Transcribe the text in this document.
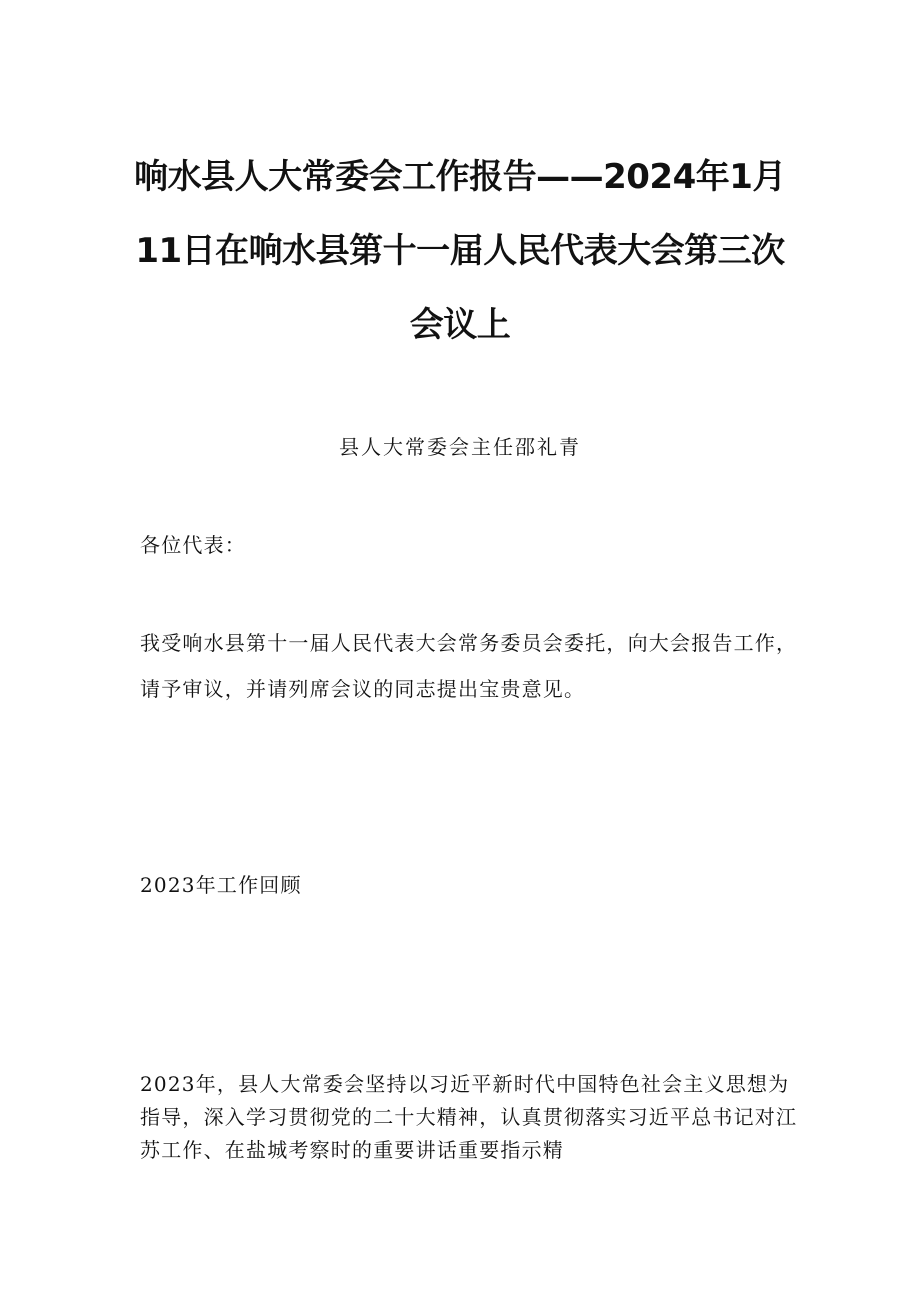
响水县人大常委会工作报告——2024年1月11日在响水县第十一届人民代表大会第三次会议上
县人大常委会主任邵礼青

各位代表：

我受响水县第十一届人民代表大会常务委员会委托，向大会报告工作，请予审议，并请列席会议的同志提出宝贵意见。

2023年工作回顾

2023年，县人大常委会坚持以习近平新时代中国特色社会主义思想为指导，深入学习贯彻党的二十大精神，认真贯彻落实习近平总书记对江苏工作、在盐城考察时的重要讲话重要指示精
